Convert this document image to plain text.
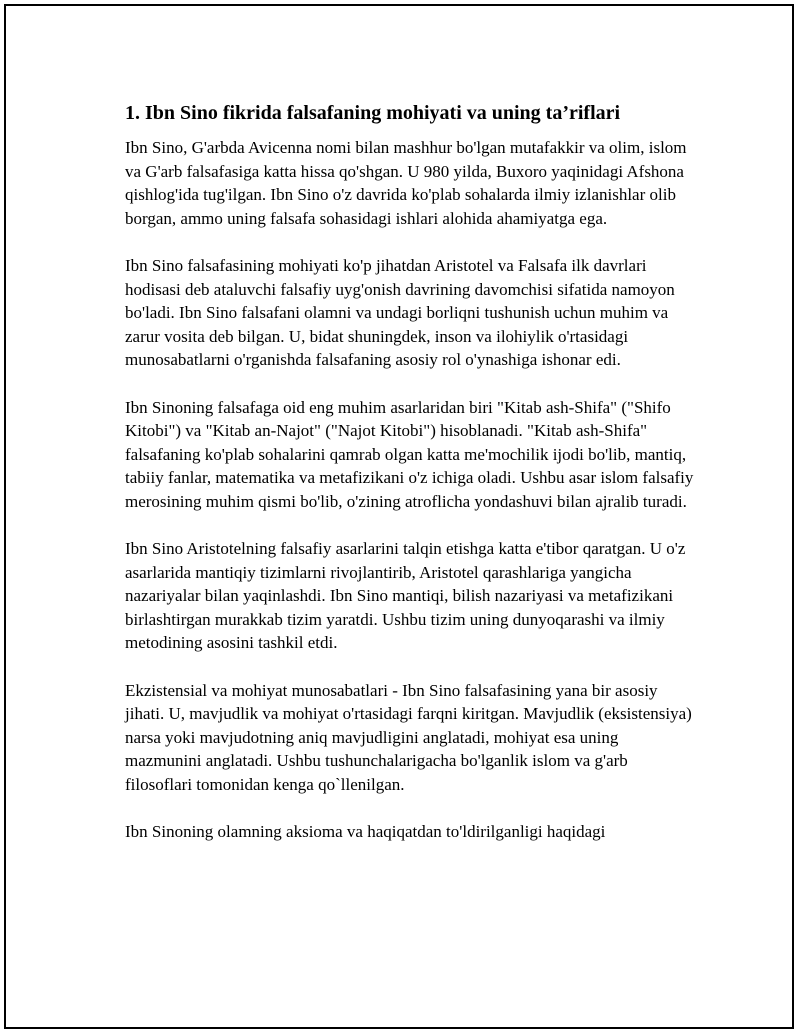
1. Ibn Sino fikrida falsafaning mohiyati va uning ta’riflari

Ibn Sino, G'arbda Avicenna nomi bilan mashhur bo'lgan mutafakkir va olim, islom va G'arb falsafasiga katta hissa qo'shgan. U 980 yilda, Buxoro yaqinidagi Afshona qishlog'ida tug'ilgan. Ibn Sino o'z davrida ko'plab sohalarda ilmiy izlanishlar olib borgan, ammo uning falsafa sohasidagi ishlari alohida ahamiyatga ega.

Ibn Sino falsafasining mohiyati ko'p jihatdan Aristotel va Falsafa ilk davrlari hodisasi deb ataluvchi falsafiy uyg'onish davrining davomchisi sifatida namoyon bo'ladi. Ibn Sino falsafani olamni va undagi borliqni tushunish uchun muhim va zarur vosita deb bilgan. U, bidat shuningdek, inson va ilohiylik o'rtasidagi munosabatlarni o'rganishda falsafaning asosiy rol o'ynashiga ishonar edi.

Ibn Sinoning falsafaga oid eng muhim asarlaridan biri "Kitab ash-Shifa" ("Shifo Kitobi") va "Kitab an-Najot" ("Najot Kitobi") hisoblanadi. "Kitab ash-Shifa" falsafaning ko'plab sohalarini qamrab olgan katta me'mochilik ijodi bo'lib, mantiq, tabiiy fanlar, matematika va metafizikani o'z ichiga oladi. Ushbu asar islom falsafiy merosining muhim qismi bo'lib, o'zining atroflicha yondashuvi bilan ajralib turadi.

Ibn Sino Aristotelning falsafiy asarlarini talqin etishga katta e'tibor qaratgan. U o'z asarlarida mantiqiy tizimlarni rivojlantirib, Aristotel qarashlariga yangicha nazariyalar bilan yaqinlashdi. Ibn Sino mantiqi, bilish nazariyasi va metafizikani birlashtirgan murakkab tizim yaratdi. Ushbu tizim uning dunyoqarashi va ilmiy metodining asosini tashkil etdi.

Ekzistensial va mohiyat munosabatlari - Ibn Sino falsafasining yana bir asosiy jihati. U, mavjudlik va mohiyat o'rtasidagi farqni kiritgan. Mavjudlik (eksistensiya) narsa yoki mavjudotning aniq mavjudligini anglatadi, mohiyat esa uning mazmunini anglatadi. Ushbu tushunchalarigacha bo'lganlik islom va g'arb filosoflari tomonidan kenga qo`llenilgan.

Ibn Sinoning olamning aksioma va haqiqatdan to'ldirilganligi haqidagi
